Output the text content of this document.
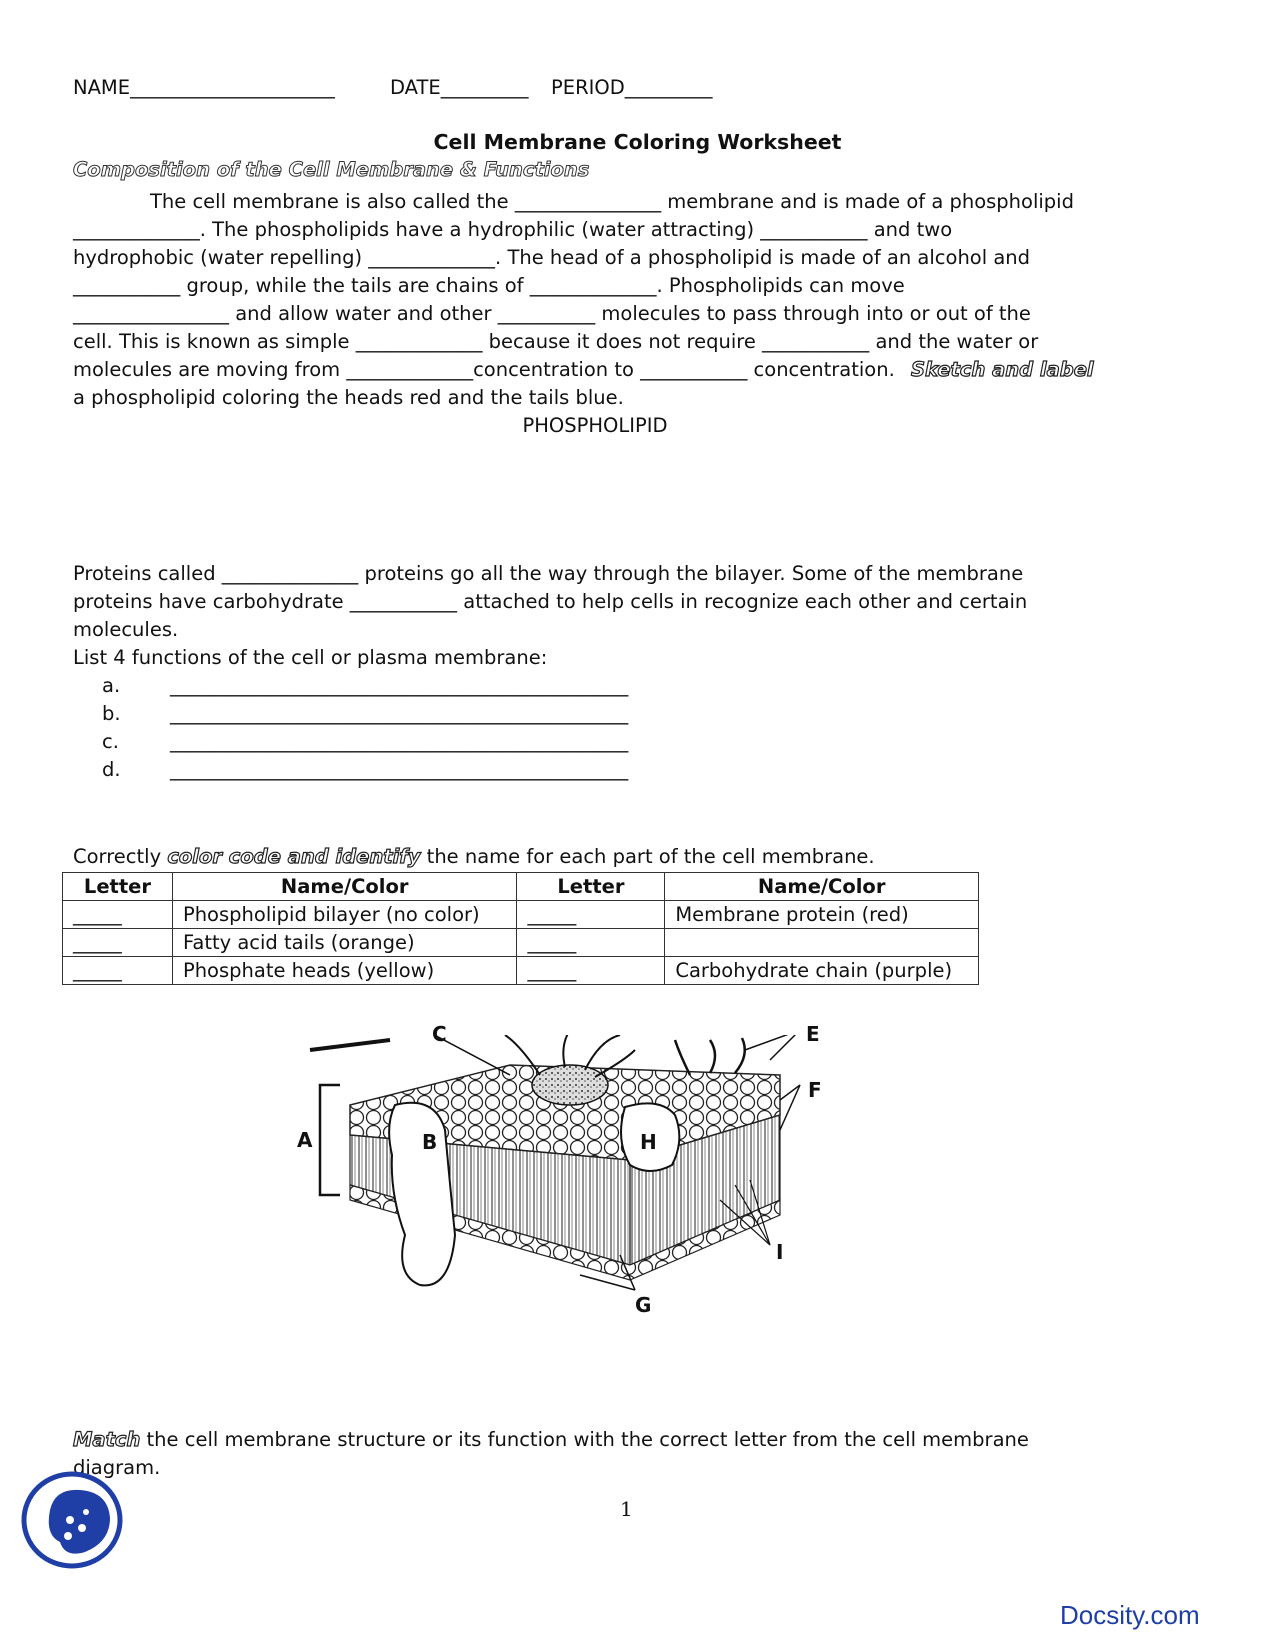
NAME_____________________	DATE_________ PERIOD_________
Cell Membrane Coloring Worksheet
Composition of the Cell Membrane & Functions
The cell membrane is also called the _______________ membrane and is made of a phospholipid
_____________. The phospholipids have a hydrophilic (water attracting) ___________ and two
hydrophobic (water repelling) _____________. The head of a phospholipid is made of an alcohol and
___________ group, while the tails are chains of _____________. Phospholipids can move
________________ and allow water and other __________ molecules to pass through into or out of the
cell. This is known as simple _____________ because it does not require ___________ and the water or
molecules are moving from _____________concentration to ___________ concentration. Sketch and label
a phospholipid coloring the heads red and the tails blue.
PHOSPHOLIPID
Proteins called ______________ proteins go all the way through the bilayer. Some of the membrane
proteins have carbohydrate ___________ attached to help cells in recognize each other and certain
molecules.
List 4 functions of the cell or plasma membrane:
a.	_______________________________________________
b.	_______________________________________________
c.	_______________________________________________
d.	_______________________________________________
Correctly color code and identify the name for each part of the cell membrane.
Letter	Name/Color	Letter	Name/Color
_____	Phospholipid bilayer (no color)	_____	Membrane protein (red)
_____	Fatty acid tails (orange)	_____	
_____	Phosphate heads (yellow)	_____	Carbohydrate chain (purple)
C	E
F
A	B	H
I
G
Match the cell membrane structure or its function with the correct letter from the cell membrane
diagram.
1
Docsity.com
